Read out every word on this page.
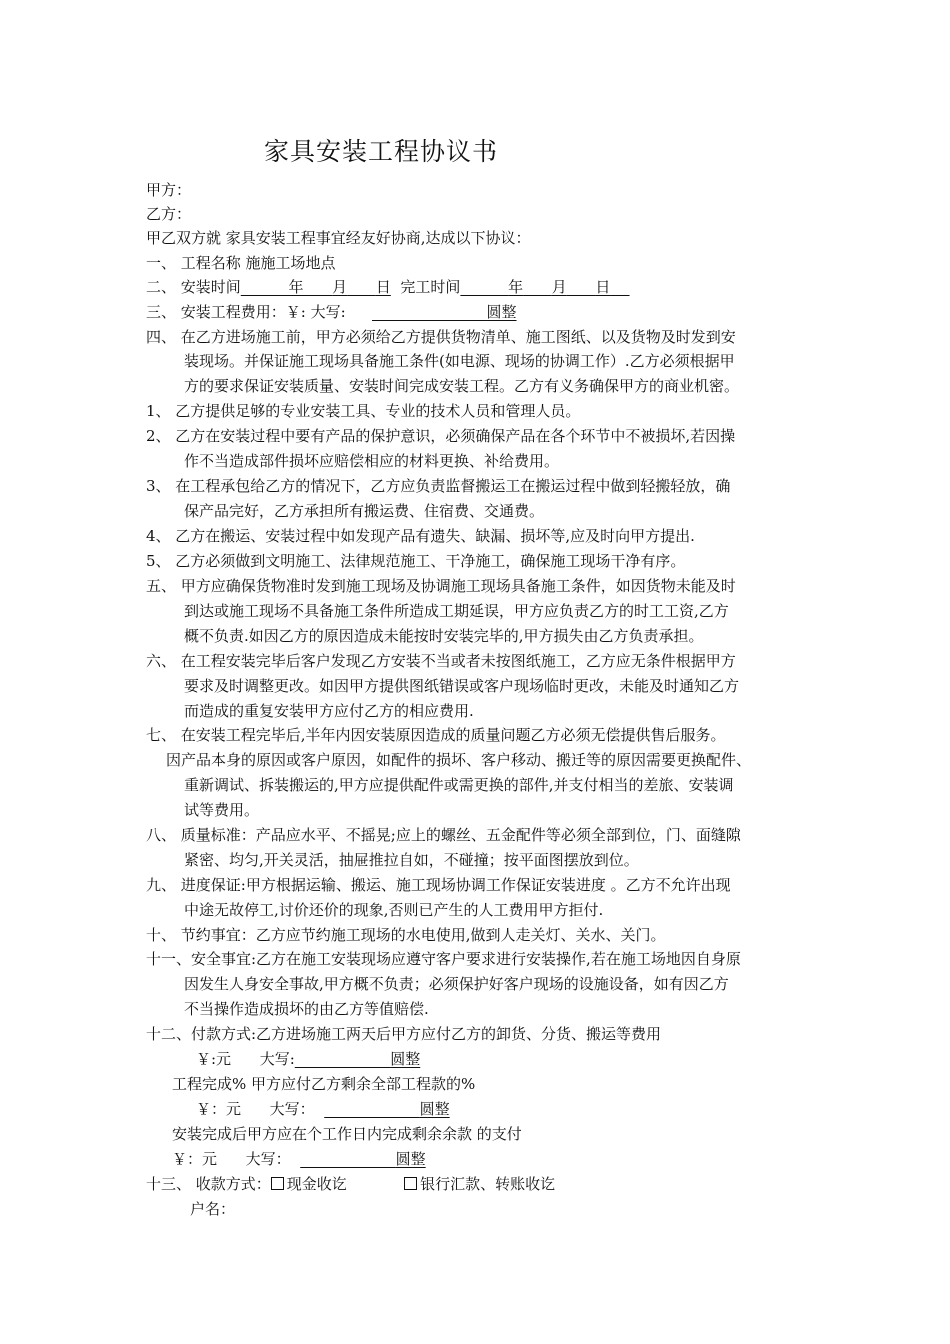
家具安装工程协议书
甲方：
乙方：
甲乙双方就 家具安装工程事宜经友好协商,达成以下协议：
一、 工程名称 施施工场地点
三、 安装工程费用：￥: 大写:
四、 在乙方进场施工前，甲方必须给乙方提供货物清单、施工图纸、以及货物及时发到安
装现场。并保证施工现场具备施工条件(如电源、现场的协调工作）.乙方必须根据甲
方的要求保证安装质量、安装时间完成安装工程。乙方有义务确保甲方的商业机密。
1、 乙方提供足够的专业安装工具、专业的技术人员和管理人员。
2、 乙方在安装过程中要有产品的保护意识，必须确保产品在各个环节中不被损坏,若因操
作不当造成部件损坏应赔偿相应的材料更换、补给费用。
3、 在工程承包给乙方的情况下，乙方应负责监督搬运工在搬运过程中做到轻搬轻放，确
保产品完好，乙方承担所有搬运费、住宿费、交通费。
4、 乙方在搬运、安装过程中如发现产品有遗失、缺漏、损坏等,应及时向甲方提出.
5、 乙方必须做到文明施工、法律规范施工、干净施工，确保施工现场干净有序。
五、 甲方应确保货物准时发到施工现场及协调施工现场具备施工条件，如因货物未能及时
到达或施工现场不具备施工条件所造成工期延误，甲方应负责乙方的时工工资,乙方
概不负责.如因乙方的原因造成未能按时安装完毕的,甲方损失由乙方负责承担。
六、 在工程安装完毕后客户发现乙方安装不当或者未按图纸施工，乙方应无条件根据甲方
要求及时调整更改。如因甲方提供图纸错误或客户现场临时更改，未能及时通知乙方
而造成的重复安装甲方应付乙方的相应费用.
七、 在安装工程完毕后,半年内因安装原因造成的质量问题乙方必须无偿提供售后服务。
因产品本身的原因或客户原因，如配件的损坏、客户移动、搬迁等的原因需要更换配件、
重新调试、拆装搬运的,甲方应提供配件或需更换的部件,并支付相当的差旅、安装调
试等费用。
八、 质量标准：产品应水平、不摇晃;应上的螺丝、五金配件等必须全部到位，门、面缝隙
紧密、均匀,开关灵活，抽屉推拉自如，不碰撞；按平面图摆放到位。
九、 进度保证:甲方根据运输、搬运、施工现场协调工作保证安装进度 。乙方不允许出现
中途无故停工,讨价还价的现象,否则已产生的人工费用甲方拒付.
十、 节约事宜：乙方应节约施工现场的水电使用,做到人走关灯、关水、关门。
十一、安全事宜:乙方在施工安装现场应遵守客户要求进行安装操作,若在施工场地因自身原
因发生人身安全事故,甲方概不负责；必须保护好客户现场的设施设备，如有因乙方
不当操作造成损坏的由乙方等值赔偿.
十二、付款方式:乙方进场施工两天后甲方应付乙方的卸货、分货、搬运等费用
工程完成% 甲方应付乙方剩余全部工程款的%
安装完成后甲方应在个工作日内完成剩余余款 的支付
户名：
二、 安装时间     	年    月    日  完工时间     	年    月    日  
            圆整
￥:元    大写:          	圆整
￥：元    大写：           	圆整
￥：元    大写：           	圆整
十三、 收款方式： 现金收讫      	银行汇款、转账收讫
